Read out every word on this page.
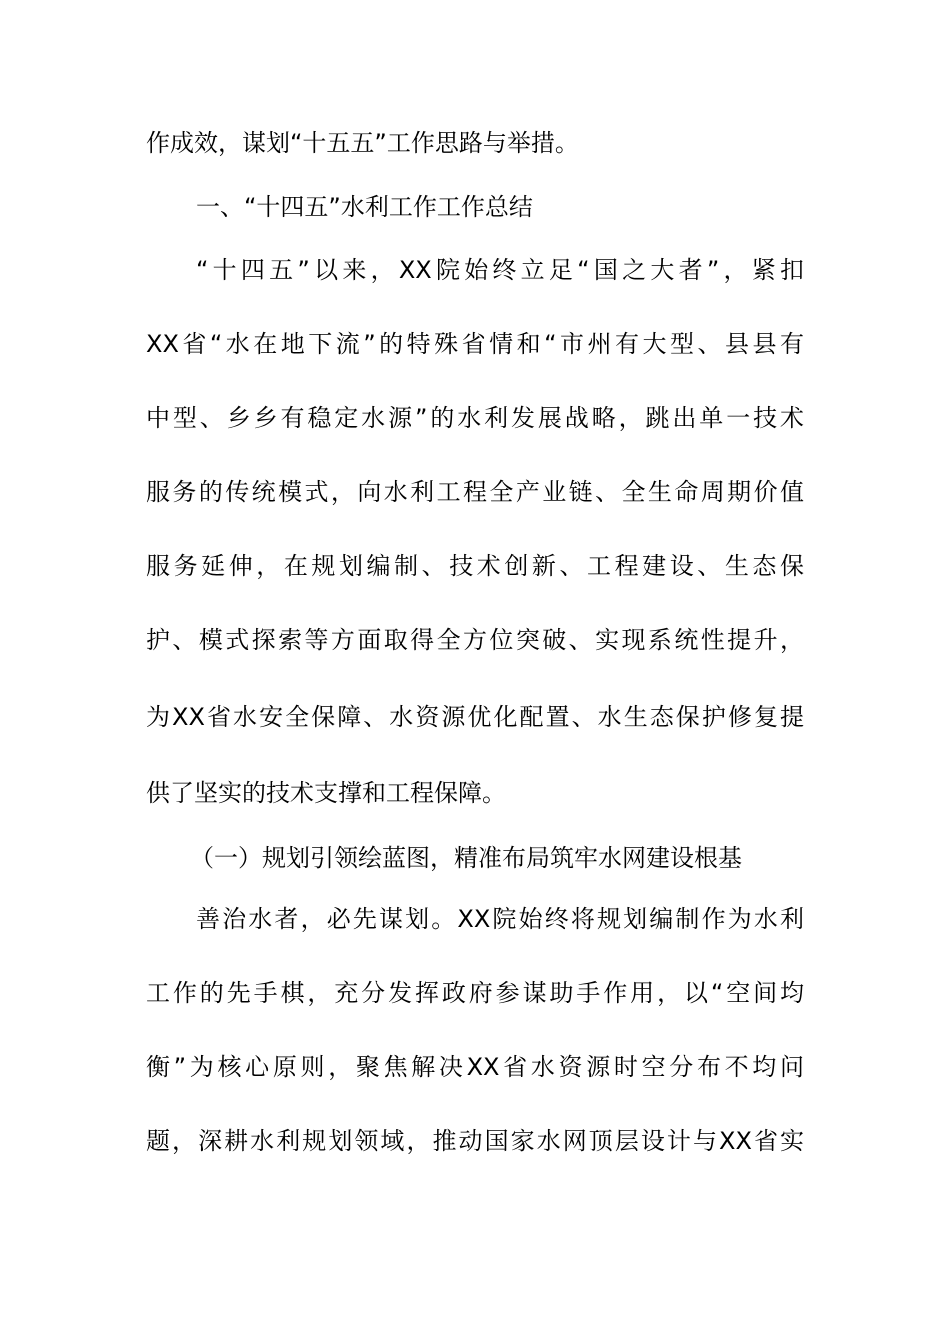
作成效，谋划“十五五”工作思路与举措。
一、“十四五”水利工作工作总结
“十四五”以来，XX院始终立足“国之大者”，紧扣
XX省“水在地下流”的特殊省情和“市州有大型、县县有
中型、乡乡有稳定水源”的水利发展战略，跳出单一技术
服务的传统模式，向水利工程全产业链、全生命周期价值
服务延伸，在规划编制、技术创新、工程建设、生态保
护、模式探索等方面取得全方位突破、实现系统性提升，
为XX省水安全保障、水资源优化配置、水生态保护修复提
供了坚实的技术支撑和工程保障。
（一）规划引领绘蓝图，精准布局筑牢水网建设根基
善治水者，必先谋划。XX院始终将规划编制作为水利
工作的先手棋，充分发挥政府参谋助手作用，以“空间均
衡”为核心原则，聚焦解决XX省水资源时空分布不均问
题，深耕水利规划领域，推动国家水网顶层设计与XX省实
